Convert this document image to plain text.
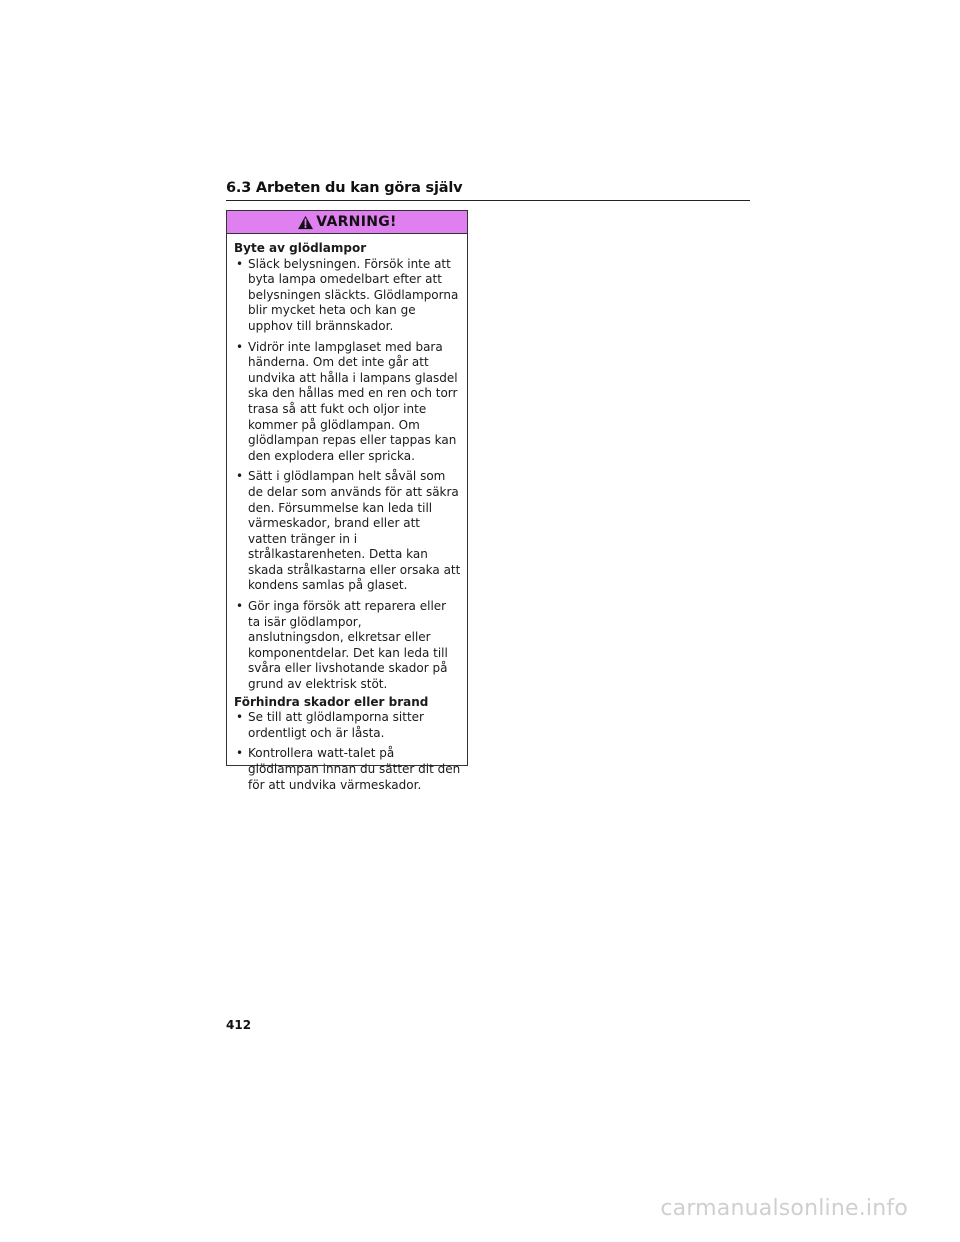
6.3 Arbeten du kan göra själv
VARNING!
Byte av glödlampor
• Släck belysningen. Försök inte att byta lampa omedelbart efter att belysningen släckts. Glödlamporna blir mycket heta och kan ge upphov till brännskador.
• Vidrör inte lampglaset med bara händerna. Om det inte går att undvika att hålla i lampans glasdel ska den hållas med en ren och torr trasa så att fukt och oljor inte kommer på glödlampan. Om glödlampan repas eller tappas kan den explodera eller spricka.
• Sätt i glödlampan helt såväl som de delar som används för att säkra den. Försummelse kan leda till värmeskador, brand eller att vatten tränger in i strålkastarenheten. Detta kan skada strålkastarna eller orsaka att kondens samlas på glaset.
• Gör inga försök att reparera eller ta isär glödlampor, anslutningsdon, elkretsar eller komponentdelar. Det kan leda till svåra eller livshotande skador på grund av elektrisk stöt.
Förhindra skador eller brand
• Se till att glödlamporna sitter ordentligt och är låsta.
• Kontrollera watt-talet på glödlampan innan du sätter dit den för att undvika värmeskador.
412
carmanualsonline.info
